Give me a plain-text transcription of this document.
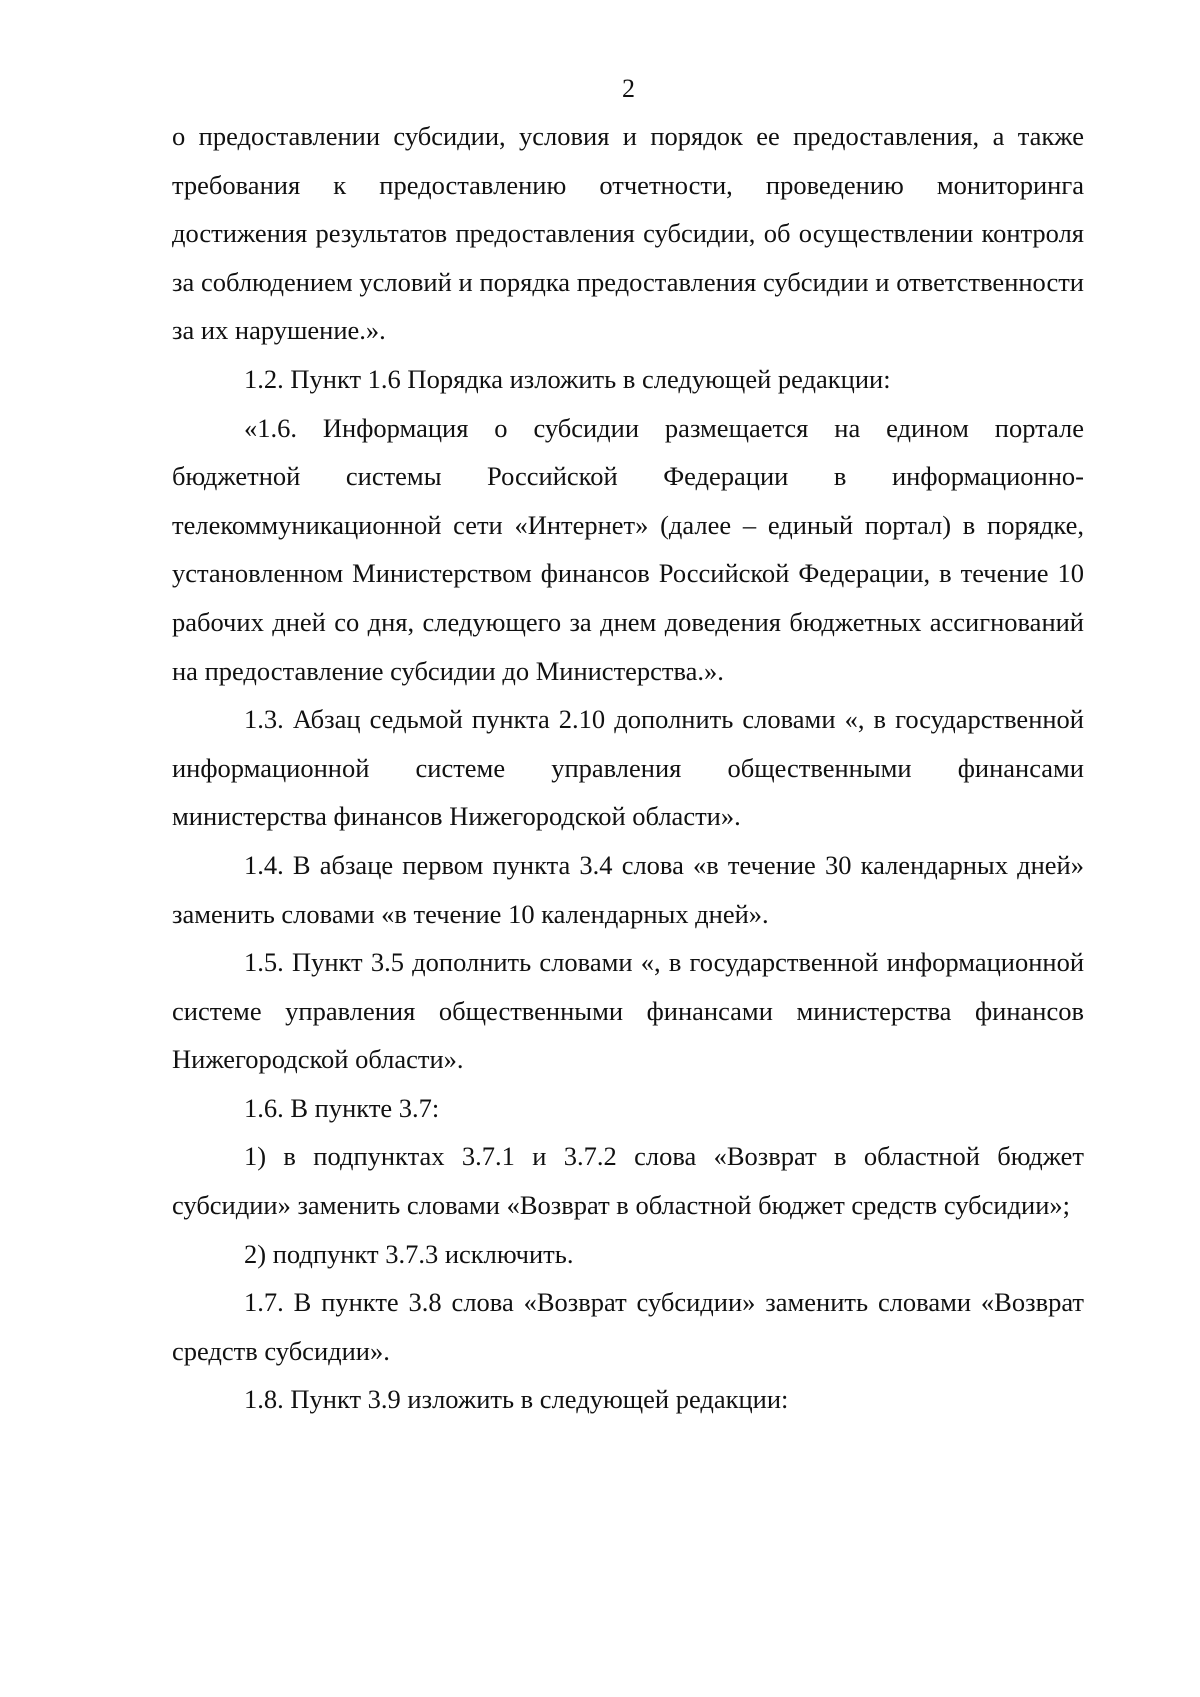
2

о предоставлении субсидии, условия и порядок ее предоставления, а также требования к предоставлению отчетности, проведению мониторинга достижения результатов предоставления субсидии, об осуществлении контроля за соблюдением условий и порядка предоставления субсидии и ответственности за их нарушение.».

1.2. Пункт 1.6 Порядка изложить в следующей редакции:

«1.6. Информация о субсидии размещается на едином портале бюджетной системы Российской Федерации в информационно-телекоммуникационной сети «Интернет» (далее – единый портал) в порядке, установленном Министерством финансов Российской Федерации, в течение 10 рабочих дней со дня, следующего за днем доведения бюджетных ассигнований на предоставление субсидии до Министерства.».

1.3. Абзац седьмой пункта 2.10 дополнить словами «, в государственной информационной системе управления общественными финансами министерства финансов Нижегородской области».

1.4. В абзаце первом пункта 3.4 слова «в течение 30 календарных дней» заменить словами «в течение 10 календарных дней».

1.5. Пункт 3.5 дополнить словами «, в государственной информационной системе управления общественными финансами министерства финансов Нижегородской области».

1.6. В пункте 3.7:

1) в подпунктах 3.7.1 и 3.7.2 слова «Возврат в областной бюджет субсидии» заменить словами «Возврат в областной бюджет средств субсидии»;

2) подпункт 3.7.3 исключить.

1.7. В пункте 3.8 слова «Возврат субсидии» заменить словами «Возврат средств субсидии».

1.8. Пункт 3.9 изложить в следующей редакции:
